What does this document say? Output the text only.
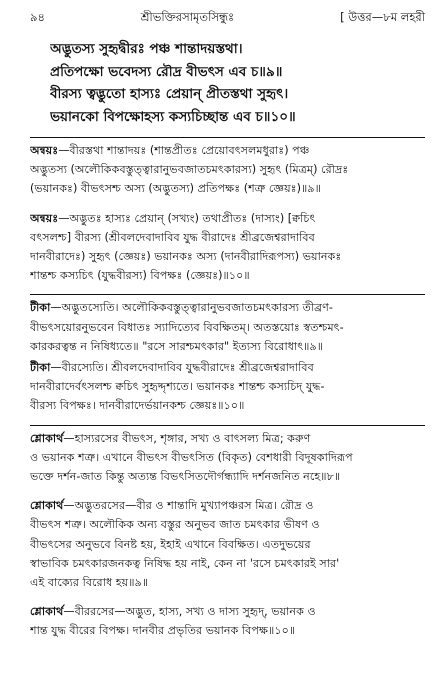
৯৪	শ্রীভক্তিরসামৃতসিন্ধুঃ	[ উত্তর—৮ম লহরী
অদ্ভুতস্য সুহৃদ্বীরঃ পঞ্চ শান্তাদয়স্তথা।
প্রতিপক্ষো ভবেদস্য রৌদ্র বীভৎস এব চ॥৯॥
বীরস্য ত্বদ্ভুতো হাস্যঃ প্রেয়ান্ প্রীতস্তথা সুহৃৎ।
ভয়ানকো বিপক্ষোহস্য কস্যচিচ্ছান্ত এব চ॥১০॥

অন্বয়ঃ—বীরস্তথা শান্তাদয়ঃ (শান্তপ্রীতঃ প্রেয়োবৎসলমধুরাঃ) পঞ্চ

অদ্ভুতস্য (অলৌকিকবস্তুত্ত্বারানুভবজাতচমৎকারস্য) সুহৃৎ (মিত্রম্) রৌদ্রঃ

(ভয়ানকঃ) বীভৎসশ্চ অস্য (অদ্ভুতস্য) প্রতিপক্ষঃ (শত্রু জ্ঞেয়ঃ)॥৯॥

অন্বয়ঃ—অদ্ভুতঃ হাস্যঃ প্রেয়ান্ (সখ্যং) তথাপ্রীতঃ (দাস্যং) [ক্বচিৎ

বৎসলশ্চ] বীরস্য (শ্রীবলদেবাদাবিব যুদ্ধ বীরাদেঃ শ্রীব্রজেশ্বরাদাবিব

দানবীরাদেঃ) সুহৃৎ (জ্ঞেয়ঃ) ভয়ানকঃ অস্য (দানবীরাদিরূপস্য) ভয়ানকঃ

শান্তশ্চ কস্যচিৎ (যুদ্ধবীরস্য) বিপক্ষঃ (জ্ঞেয়ঃ)॥১০॥

টীকা—অদ্ভুতস্যেতি। অলৌকিকবস্তুত্ত্বারানুভবজাতচমৎকারস্য তীব্রণ-

বীভৎসয়োরনুভবেন বিধাতঃ স্যাদিত্যেব বিবক্ষিতম্। অতস্তয়োঃ স্বতশ্চমৎ-

কারকরত্বন্ত ন নিষিধ্যতে॥ "রসে সারশ্চমৎকার" ইত্যস্য বিরোধাৎ॥৯॥

টীকা—বীরস্যেতি। শ্রীবলদেবাদাবিব যুদ্ধবীরাদেঃ শ্রীব্রজেশ্বরাদাবিব

দানবীরাদের্বৎসলশ্চ ক্বচিৎ সুহৃদ্দৃশ্যতে। ভয়ানকঃ শান্তশ্চ কস্যচিদ্ যুদ্ধ-

বীরস্য বিপক্ষঃ। দানবীরাদের্ভয়ানকশ্চ জ্ঞেয়ঃ॥১০॥

শ্লোকার্থ—হাস্যরসের বীভৎস, শৃঙ্গার, সখ্য ও বাৎসল্য মিত্র; করুণ

ও ভয়ানক শত্রু। এখানে বীভৎস বীভৎসিত (বিকৃত) বেশধারী বিদূষকাদিরূপ

ভক্তে দর্শন-জাত কিন্তু অত্যন্ত বিভৎসিতদৌর্গন্ধ্যাদি দর্শনজনিত নহে॥৮॥

শ্লোকার্থ—অদ্ভুতরসের—বীর ও শান্তাদি মুখ্যাপঞ্চরস মিত্র। রৌদ্র ও

বীভৎস শত্রু। অলৌকিক অন্য বস্তুর অনুভব জাত চমৎকার ভীষণ ও

বীভৎসের অনুভবে বিনষ্ট হয়, ইহাই এখানে বিবক্ষিত। এতদুভয়ের

স্বাভাবিক চমৎকারজনকত্ব নিষিদ্ধ হয় নাই, কেন না 'রসে চমৎকারই সার'

এই বাক্যের বিরোধ হয়॥৯॥

শ্লোকার্থ—বীররসের—অদ্ভুত, হাস্য, সখ্য ও দাস্য সুহৃদ্, ভয়ানক ও

শান্ত যুদ্ধ বীরের বিপক্ষ। দানবীর প্রভৃতির ভয়ানক বিপক্ষ॥১০॥
